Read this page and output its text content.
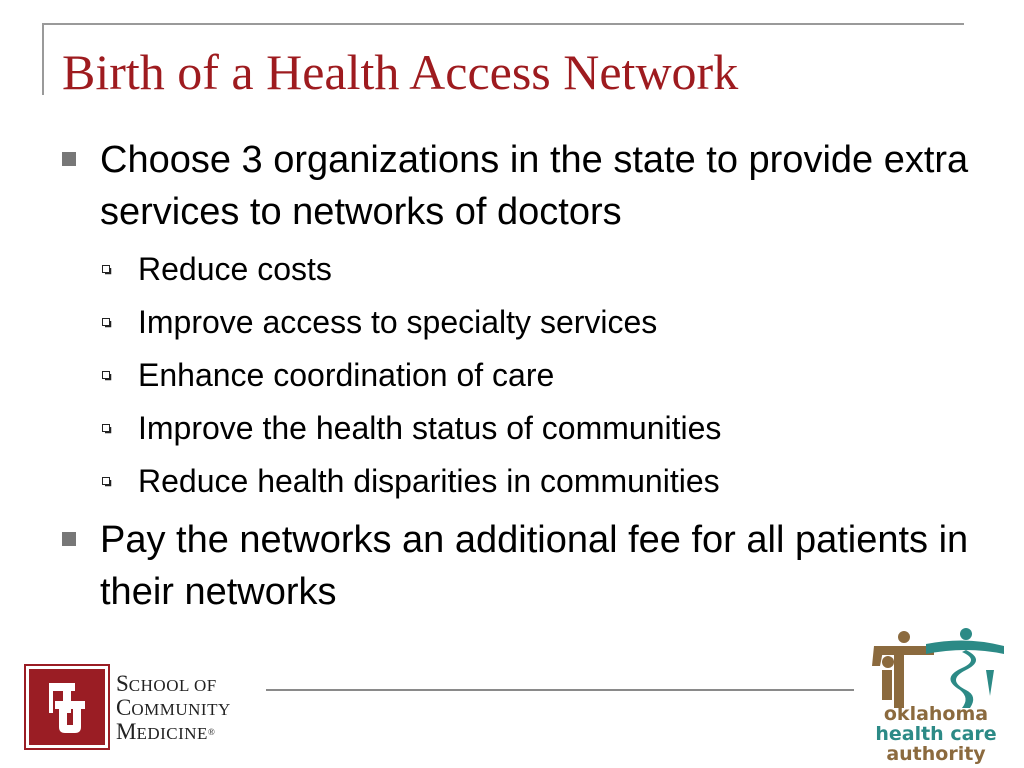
Birth of a Health Access Network
Choose 3 organizations in the state to provide extra services to networks of doctors
Reduce costs
Improve access to specialty services
Enhance coordination of care
Improve the health status of communities
Reduce health disparities in communities
Pay the networks an additional fee for all patients in their networks
SCHOOL OF
COMMUNITY
MEDICINE®
oklahoma
health care
authority
